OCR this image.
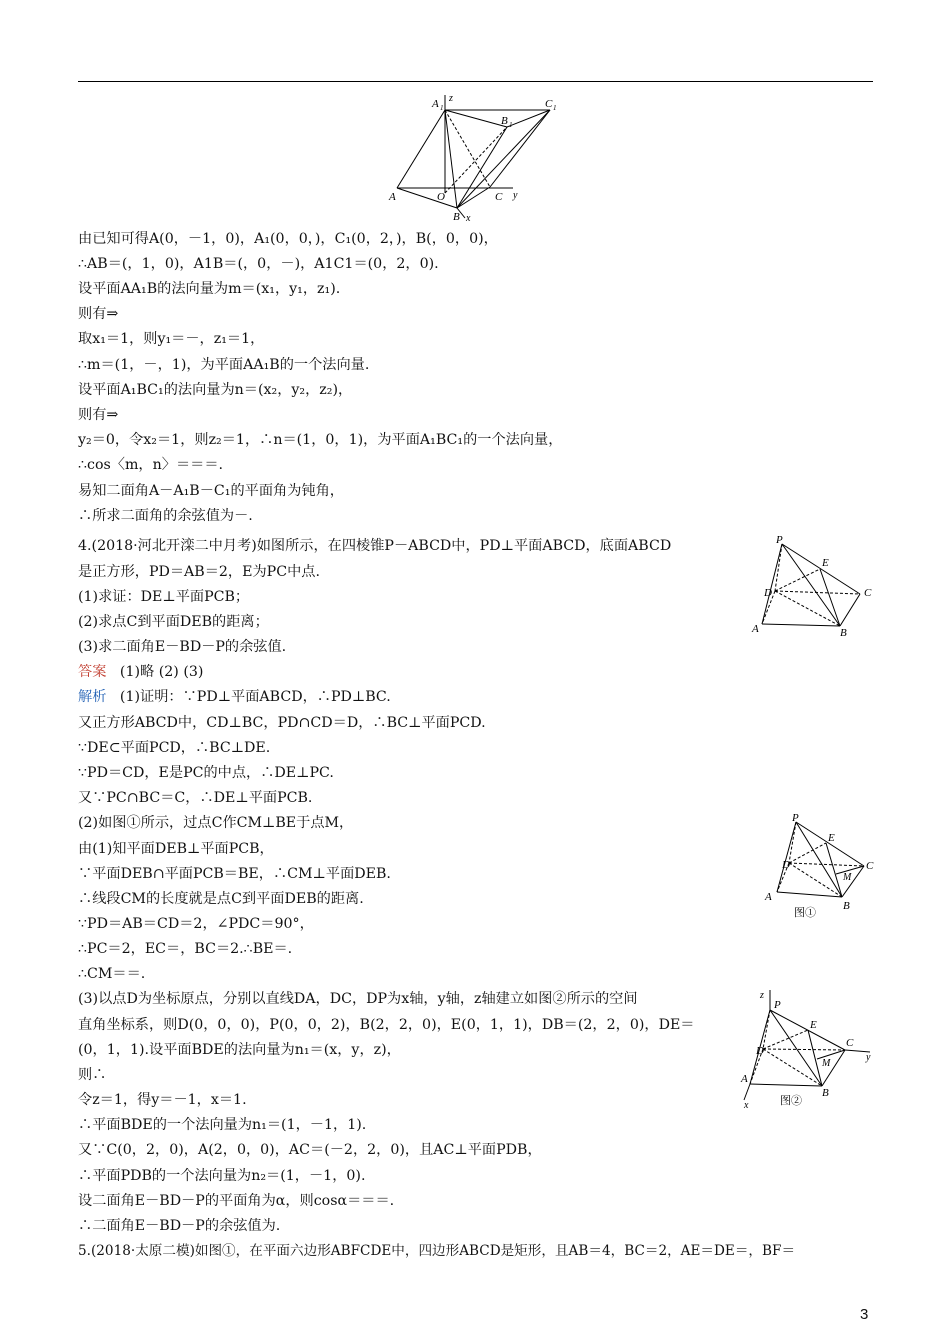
A 1
z	C 1
B 1
A	O	C y
B x
P
E
D	C
A	B
P
E
D	C
M
A
B
图①
z
P
E
D
C
y
M
A
B
x	图②
由已知可得A(0，－1，0)，A₁(0，0，)，C₁(0，2，)，B(，0，0)，
∴AB＝(，1，0)，A1B＝(，0，－)，A1C1＝(0，2，0).
设平面AA₁B的法向量为m＝(x₁，y₁，z₁).
则有⇒
取x₁＝1，则y₁＝－，z₁＝1，
∴m＝(1，－，1)，为平面AA₁B的一个法向量.
设平面A₁BC₁的法向量为n＝(x₂，y₂，z₂)，
则有⇒
y₂＝0，令x₂＝1，则z₂＝1，∴n＝(1，0，1)，为平面A₁BC₁的一个法向量，
∴cos〈m，n〉＝＝＝.
易知二面角A－A₁B－C₁的平面角为钝角，
∴所求二面角的余弦值为－.
4.(2018·河北开滦二中月考)如图所示，在四棱锥P－ABCD中，PD⊥平面ABCD，底面ABCD
是正方形，PD＝AB＝2，E为PC中点.
(1)求证：DE⊥平面PCB；
(2)求点C到平面DEB的距离；
(3)求二面角E－BD－P的余弦值.
答案 (1)略 (2) (3)
解析 (1)证明：∵PD⊥平面ABCD，∴PD⊥BC.
又正方形ABCD中，CD⊥BC，PD∩CD＝D，∴BC⊥平面PCD.
∵DE⊂平面PCD，∴BC⊥DE.
∵PD＝CD，E是PC的中点，∴DE⊥PC.
又∵PC∩BC＝C，∴DE⊥平面PCB.
(2)如图①所示，过点C作CM⊥BE于点M，
由(1)知平面DEB⊥平面PCB，
∵平面DEB∩平面PCB＝BE，∴CM⊥平面DEB.
∴线段CM的长度就是点C到平面DEB的距离.
∵PD＝AB＝CD＝2，∠PDC＝90°，
∴PC＝2，EC＝，BC＝2.∴BE＝.
∴CM＝＝.
(3)以点D为坐标原点，分别以直线DA，DC，DP为x轴，y轴，z轴建立如图②所示的空间
直角坐标系，则D(0，0，0)，P(0，0，2)，B(2，2，0)，E(0，1，1)，DB＝(2，2，0)，DE＝
(0，1，1).设平面BDE的法向量为n₁＝(x，y，z)，
则∴
令z＝1，得y＝－1，x＝1.
∴平面BDE的一个法向量为n₁＝(1，－1，1).
又∵C(0，2，0)，A(2，0，0)，AC＝(－2，2，0)，且AC⊥平面PDB，
∴平面PDB的一个法向量为n₂＝(1，－1，0).
设二面角E－BD－P的平面角为α，则cosα＝＝＝.
∴二面角E－BD－P的余弦值为.
5.(2018·太原二模)如图①，在平面六边形ABFCDE中，四边形ABCD是矩形，且AB＝4，BC＝2，AE＝DE＝，BF＝
3
